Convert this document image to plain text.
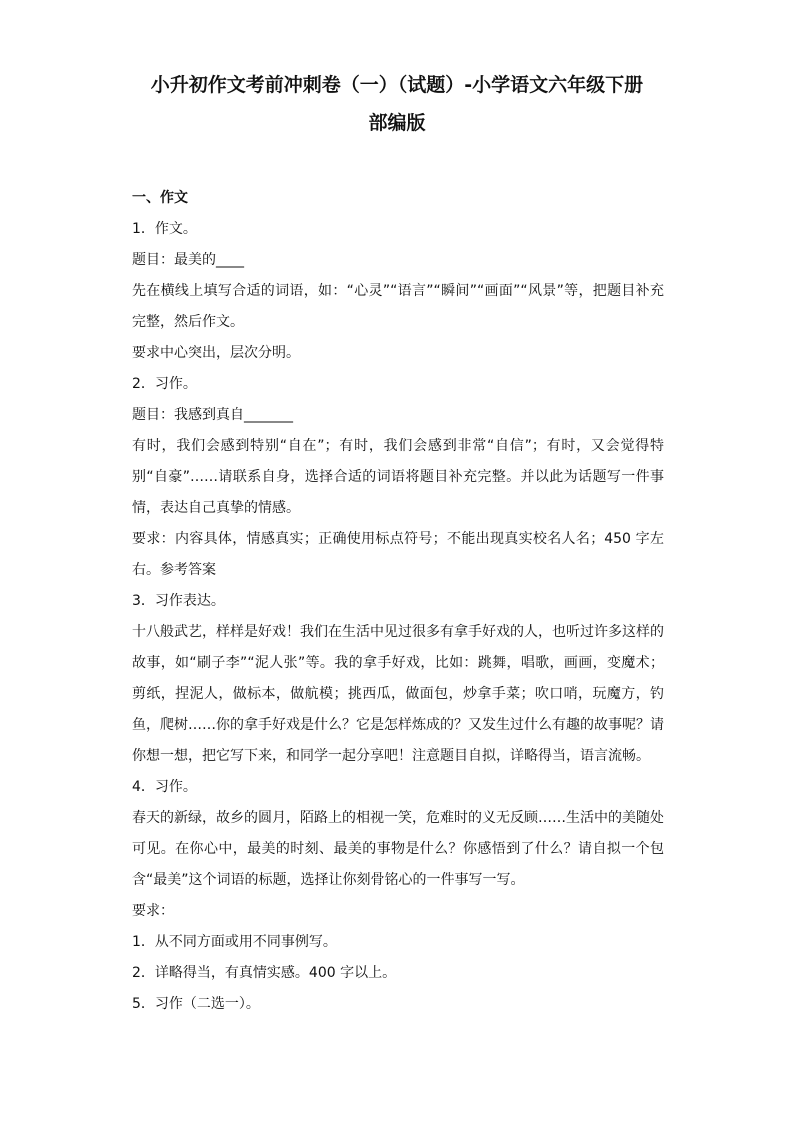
小升初作文考前冲刺卷（一）（试题）-小学语文六年级下册
部编版

一、作文

1．作文。

题目：最美的____

先在横线上填写合适的词语，如：“心灵”“语言”“瞬间”“画面”“风景”等，把题目补充完整，然后作文。

要求中心突出，层次分明。

2．习作。

题目：我感到真自_______

有时，我们会感到特别“自在”；有时，我们会感到非常“自信”；有时，又会觉得特别“自豪”……请联系自身，选择合适的词语将题目补充完整。并以此为话题写一件事情，表达自己真挚的情感。

要求：内容具体，情感真实；正确使用标点符号；不能出现真实校名人名；450 字左右。参考答案

3．习作表达。

十八般武艺，样样是好戏！我们在生活中见过很多有拿手好戏的人，也听过许多这样的故事，如“刷子李”“泥人张”等。我的拿手好戏，比如：跳舞，唱歌，画画，变魔术；剪纸，捏泥人，做标本，做航模；挑西瓜，做面包，炒拿手菜；吹口哨，玩魔方，钓鱼，爬树……你的拿手好戏是什么？它是怎样炼成的？又发生过什么有趣的故事呢？请你想一想，把它写下来，和同学一起分享吧！注意题目自拟，详略得当，语言流畅。

4．习作。

春天的新绿，故乡的圆月，陌路上的相视一笑，危难时的义无反顾……生活中的美随处可见。在你心中，最美的时刻、最美的事物是什么？你感悟到了什么？请自拟一个包含“最美”这个词语的标题，选择让你刻骨铭心的一件事写一写。

要求：

1．从不同方面或用不同事例写。

2．详略得当，有真情实感。400 字以上。

5．习作（二选一）。
